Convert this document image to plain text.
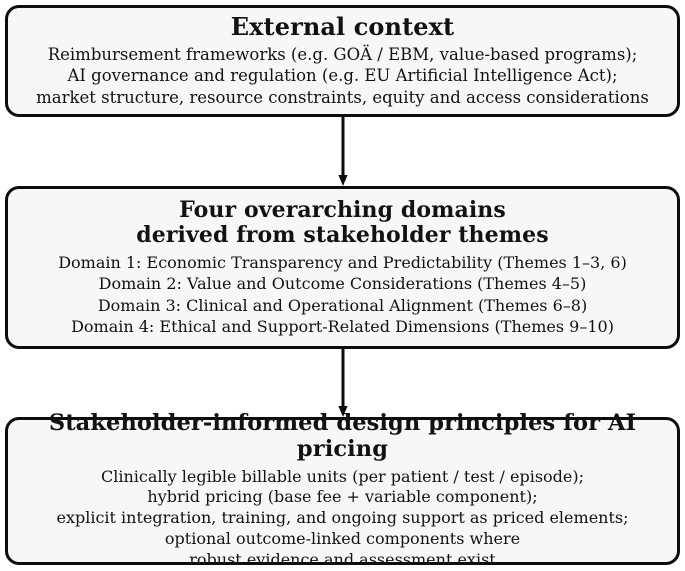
External context
Reimbursement frameworks (e.g. GOÄ / EBM, value-based programs);
AI governance and regulation (e.g. EU Artificial Intelligence Act);
market structure, resource constraints, equity and access considerations
Four overarching domains
derived from stakeholder themes
Domain 1: Economic Transparency and Predictability (Themes 1–3, 6)
Domain 2: Value and Outcome Considerations (Themes 4–5)
Domain 3: Clinical and Operational Alignment (Themes 6–8)
Domain 4: Ethical and Support-Related Dimensions (Themes 9–10)
Stakeholder-informed design principles for AI pricing
Clinically legible billable units (per patient / test / episode);
hybrid pricing (base fee + variable component);
explicit integration, training, and ongoing support as priced elements;
optional outcome-linked components where
robust evidence and assessment exist
